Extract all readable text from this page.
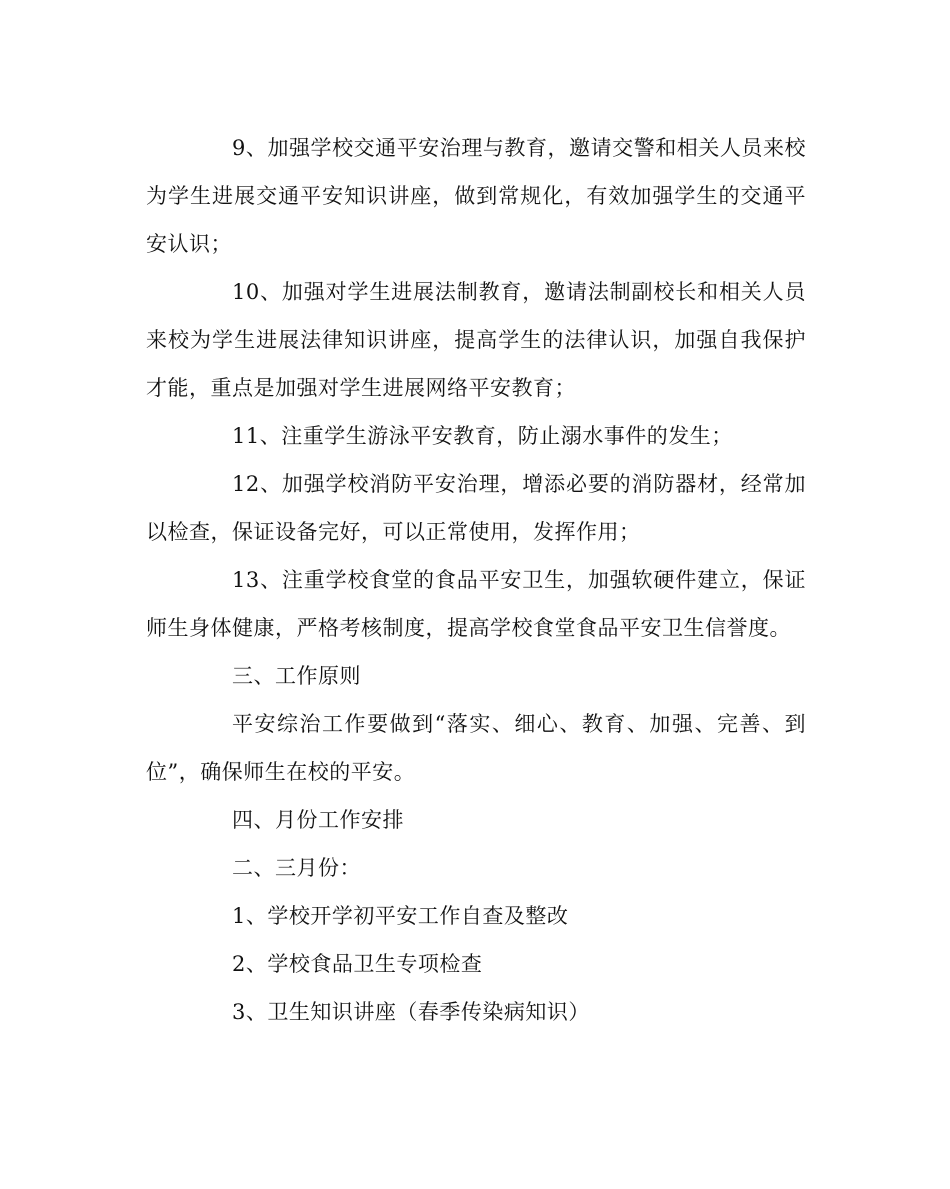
9、加强学校交通平安治理与教育，邀请交警和相关人员来校为学生进展交通平安知识讲座，做到常规化，有效加强学生的交通平安认识；

10、加强对学生进展法制教育，邀请法制副校长和相关人员来校为学生进展法律知识讲座，提高学生的法律认识，加强自我保护才能，重点是加强对学生进展网络平安教育；

11、注重学生游泳平安教育，防止溺水事件的发生；

12、加强学校消防平安治理，增添必要的消防器材，经常加以检查，保证设备完好，可以正常使用，发挥作用；

13、注重学校食堂的食品平安卫生，加强软硬件建立，保证师生身体健康，严格考核制度，提高学校食堂食品平安卫生信誉度。

三、工作原则

平安综治工作要做到“落实、细心、教育、加强、完善、到位”，确保师生在校的平安。

四、月份工作安排

二、三月份：

1、学校开学初平安工作自查及整改

2、学校食品卫生专项检查

3、卫生知识讲座（春季传染病知识）
